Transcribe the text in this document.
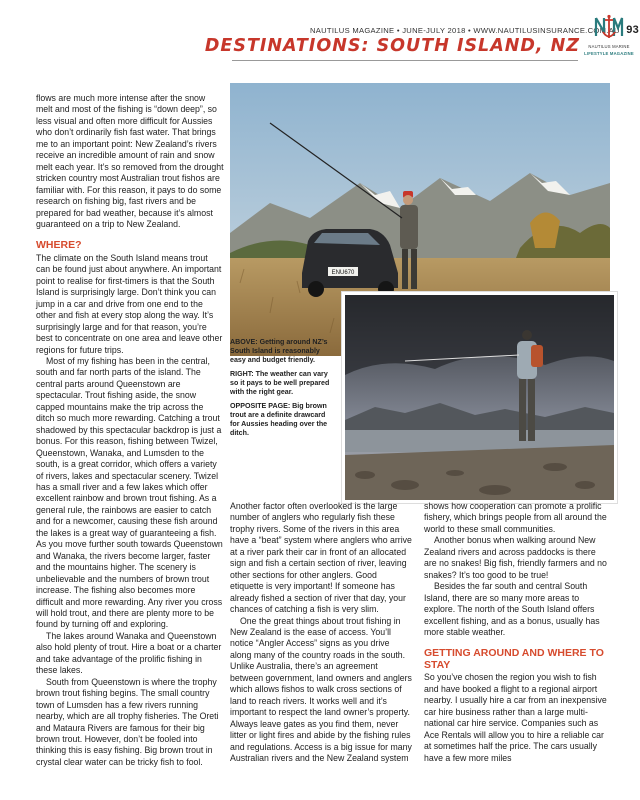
NAUTILUS MAGAZINE • JUNE-JULY 2018 • WWW.NAUTILUSINSURANCE.COM.AU 93
NAUTILUS MARINE
LIFESTYLE MAGAZINE
DESTINATIONS: SOUTH ISLAND, NZ

flows are much more intense after the snow melt and most of the fishing is “down deep”, so less visual and often more difficult for Aussies who don’t ordinarily fish fast water. That brings me to an important point: New Zealand’s rivers receive an incredible amount of rain and snow melt each year. It’s so removed from the drought stricken country most Australian trout fishos are familiar with. For this reason, it pays to do some research on fishing big, fast rivers and be prepared for bad weather, because it’s almost guaranteed on a trip to New Zealand.

WHERE?

The climate on the South Island means trout can be found just about anywhere. An important point to realise for first-timers is that the South Island is surprisingly large. Don’t think you can jump in a car and drive from one end to the other and fish at every stop along the way. It’s surprisingly large and for that reason, you’re best to concentrate on one area and leave other regions for future trips.

Most of my fishing has been in the central, south and far north parts of the island. The central parts around Queenstown are spectacular. Trout fishing aside, the snow capped mountains make the trip across the ditch so much more rewarding. Catching a trout shadowed by this spectacular backdrop is just a bonus. For this reason, fishing between Twizel, Queenstown, Wanaka, and Lumsden to the south, is a great corridor, which offers a variety of rivers, lakes and spectacular scenery. Twizel has a small river and a few lakes which offer excellent rainbow and brown trout fishing. As a general rule, the rainbows are easier to catch and for a newcomer, causing these fish around the lakes is a great way of guaranteeing a fish. As you move further south towards Queenstown and Wanaka, the rivers become larger, faster and the mountains higher. The scenery is unbelievable and the numbers of brown trout increase. The fishing also becomes more difficult and more rewarding. Any river you cross will hold trout, and there are plenty more to be found by turning off and exploring.

The lakes around Wanaka and Queenstown also hold plenty of trout. Hire a boat or a charter and take advantage of the prolific fishing in these lakes.

South from Queenstown is where the trophy brown trout fishing begins. The small country town of Lumsden has a few rivers running nearby, which are all trophy fisheries. The Oreti and Mataura Rivers are famous for their big brown trout. However, don’t be fooled into thinking this is easy fishing. Big brown trout in crystal clear water can be tricky fish to fool.

ENU670

ABOVE: Getting around NZ’s South Island is reasonably easy and budget friendly.

RIGHT: The weather can vary so it pays to be well prepared with the right gear.

OPPOSITE PAGE: Big brown trout are a definite drawcard for Aussies heading over the ditch.

Another factor often overlooked is the large number of anglers who regularly fish these trophy rivers. Some of the rivers in this area have a “beat” system where anglers who arrive at a river park their car in front of an allocated sign and fish a certain section of river, leaving other sections for other anglers. Good etiquette is very important! If someone has already fished a section of river that day, your chances of catching a fish is very slim.

One the great things about trout fishing in New Zealand is the ease of access. You’ll notice “Angler Access” signs as you drive along many of the country roads in the south. Unlike Australia, there’s an agreement between government, land owners and anglers which allows fishos to walk cross sections of land to reach rivers. It works well and it’s important to respect the land owner’s property. Always leave gates as you find them, never litter or light fires and abide by the fishing rules and regulations. Access is a big issue for many Australian rivers and the New Zealand system

shows how cooperation can promote a prolific fishery, which brings people from all around the world to these small communities.

Another bonus when walking around New Zealand rivers and across paddocks is there are no snakes! Big fish, friendly farmers and no snakes? It’s too good to be true!

Besides the far south and central South Island, there are so many more areas to explore. The north of the South Island offers excellent fishing, and as a bonus, usually has more stable weather.

GETTING AROUND AND WHERE TO STAY

So you’ve chosen the region you wish to fish and have booked a flight to a regional airport nearby. I usually hire a car from an inexpensive car hire business rather than a large multi-national car hire service. Companies such as Ace Rentals will allow you to hire a reliable car at sometimes half the price. The cars usually have a few more miles
